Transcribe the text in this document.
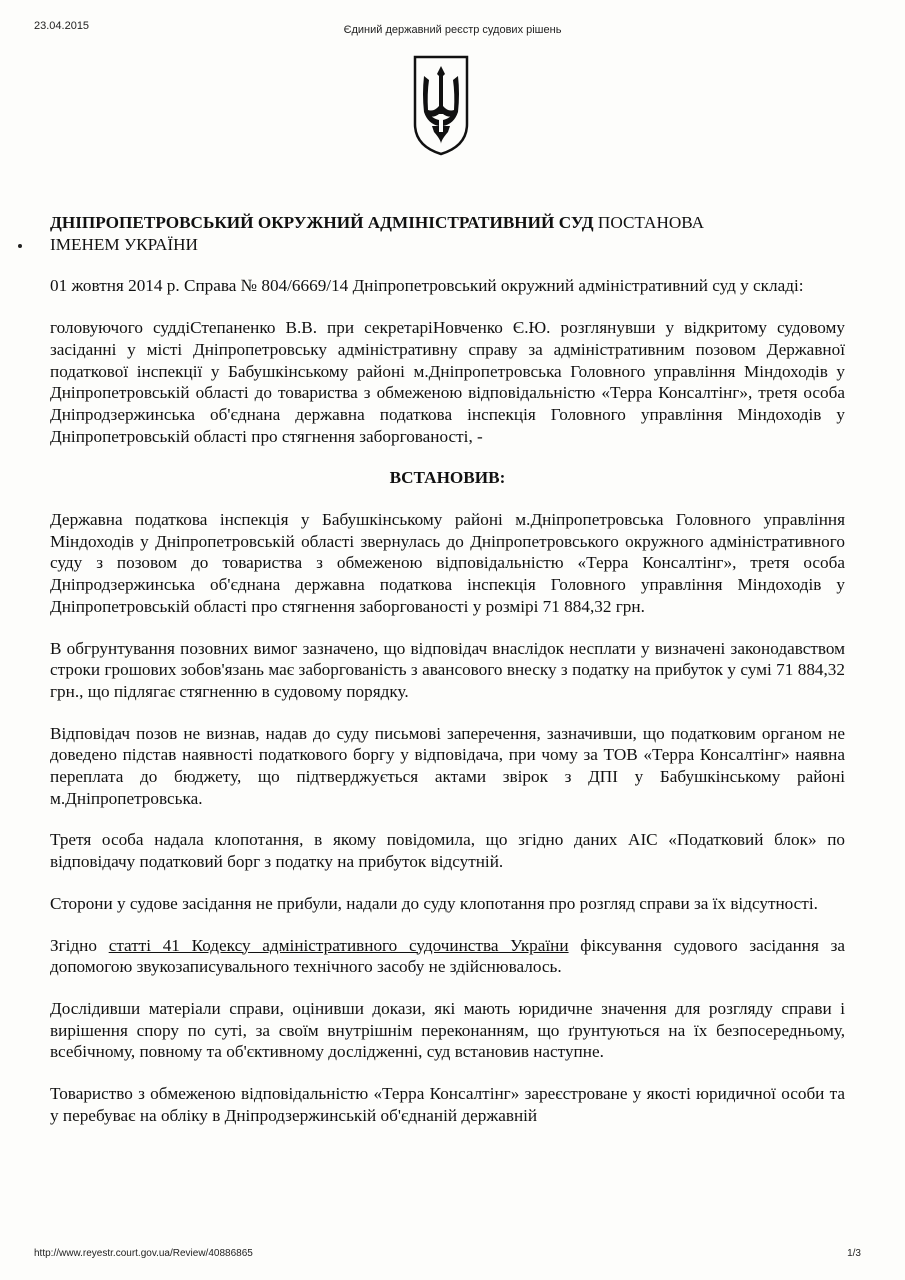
23.04.2015	Єдиний державний реєстр судових рішень
ДНІПРОПЕТРОВСЬКИЙ ОКРУЖНИЙ АДМІНІСТРАТИВНИЙ СУД ПОСТАНОВА
ІМЕНЕМ УКРАЇНИ

01 жовтня 2014 р. Справа № 804/6669/14 Дніпропетровський окружний адміністративний суд у складі:

головуючого суддіСтепаненко В.В. при секретаріНовченко Є.Ю. розглянувши у відкритому судовому засіданні у місті Дніпропетровську адміністративну справу за адміністративним позовом Державної податкової інспекції у Бабушкінському районі м.Дніпропетровська Головного управління Міндоходів у Дніпропетровській області до товариства з обмеженою відповідальністю «Терра Консалтінг», третя особа Дніпродзержинська об'єднана державна податкова інспекція Головного управління Міндоходів у Дніпропетровській області про стягнення заборгованості, -

ВСТАНОВИВ:

Державна податкова інспекція у Бабушкінському районі м.Дніпропетровська Головного управління Міндоходів у Дніпропетровській області звернулась до Дніпропетровського окружного адміністративного суду з позовом до товариства з обмеженою відповідальністю «Терра Консалтінг», третя особа Дніпродзержинська об'єднана державна податкова інспекція Головного управління Міндоходів у Дніпропетровській області про стягнення заборгованості у розмірі 71 884,32 грн.

В обгрунтування позовних вимог зазначено, що відповідач внаслідок несплати у визначені законодавством строки грошових зобов'язань має заборгованість з авансового внеску з податку на прибуток у сумі 71 884,32 грн., що підлягає стягненню в судовому порядку.

Відповідач позов не визнав, надав до суду письмові заперечення, зазначивши, що податковим органом не доведено підстав наявності податкового боргу у відповідача, при чому за ТОВ «Терра Консалтінг» наявна переплата до бюджету, що підтверджується актами звірок з ДПІ у Бабушкінському районі м.Дніпропетровська.

Третя особа надала клопотання, в якому повідомила, що згідно даних АІС «Податковий блок» по відповідачу податковий борг з податку на прибуток відсутній.

Сторони у судове засідання не прибули, надали до суду клопотання про розгляд справи за їх відсутності.

Згідно статті 41 Кодексу адміністративного судочинства України фіксування судового засідання за допомогою звукозаписувального технічного засобу не здійснювалось.

Дослідивши матеріали справи, оцінивши докази, які мають юридичне значення для розгляду справи і вирішення спору по суті, за своїм внутрішнім переконанням, що ґрунтуються на їх безпосередньому, всебічному, повному та об'єктивному дослідженні, суд встановив наступне.

Товариство з обмеженою відповідальністю «Терра Консалтінг» зареєстроване у якості юридичної особи та у перебуває на обліку в Дніпродзержинській об'єднаній державній

http://www.reyestr.court.gov.ua/Review/40886865	1/3
